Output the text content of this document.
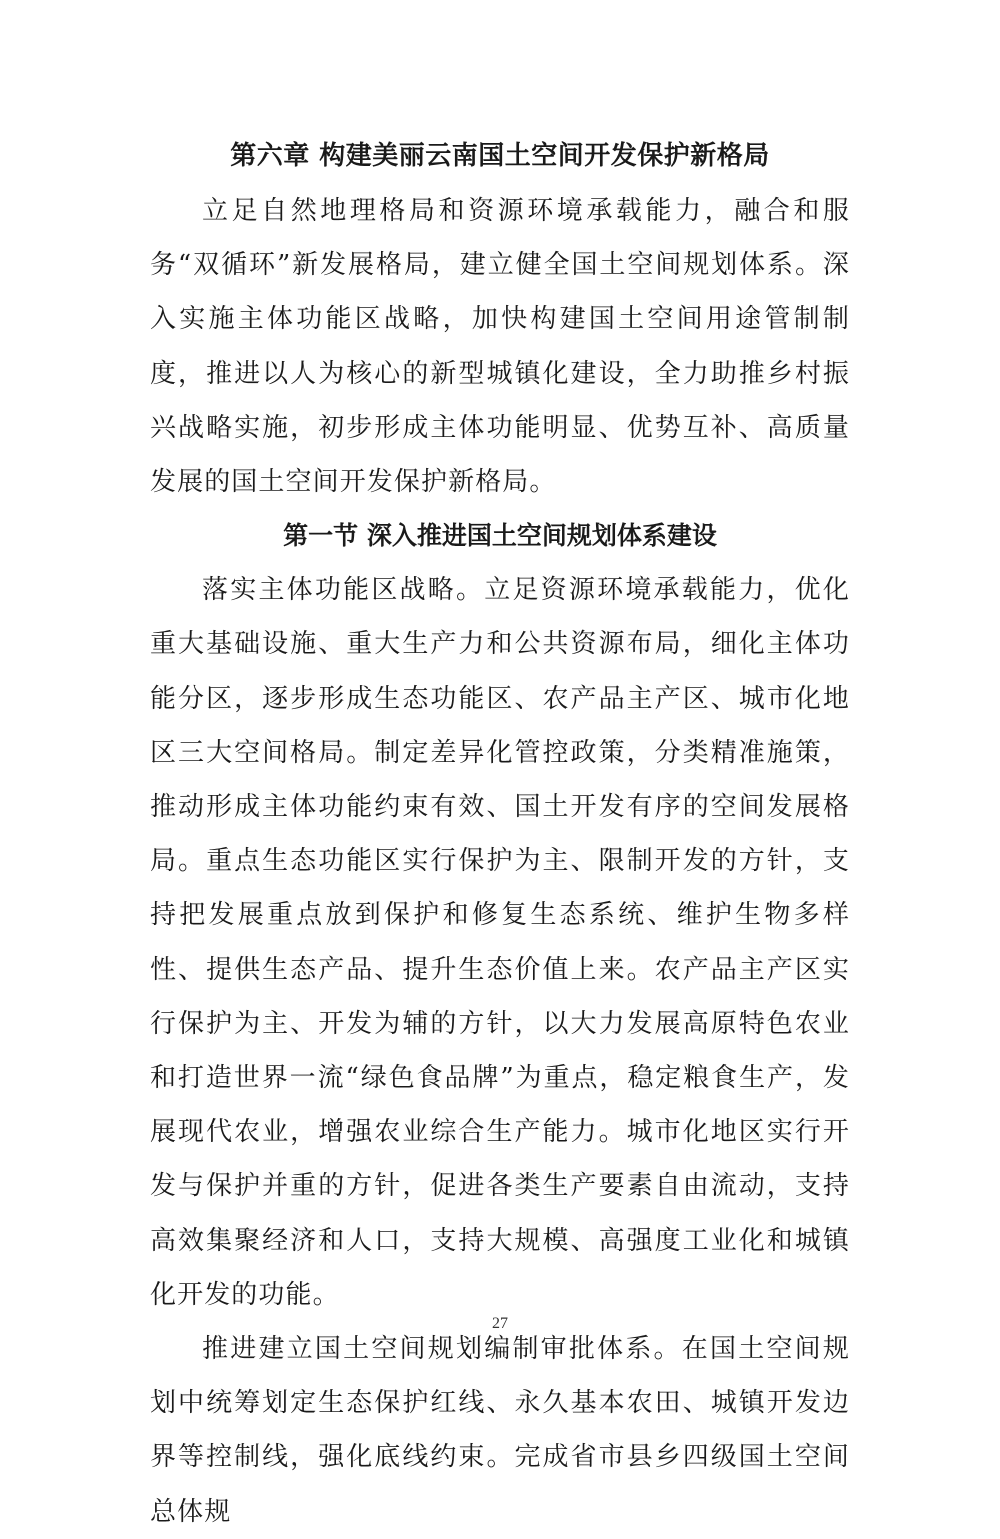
第六章 构建美丽云南国土空间开发保护新格局

立足自然地理格局和资源环境承载能力，融合和服务“双循环”新发展格局，建立健全国土空间规划体系。深入实施主体功能区战略，加快构建国土空间用途管制制度，推进以人为核心的新型城镇化建设，全力助推乡村振兴战略实施，初步形成主体功能明显、优势互补、高质量发展的国土空间开发保护新格局。

第一节 深入推进国土空间规划体系建设

落实主体功能区战略。立足资源环境承载能力，优化重大基础设施、重大生产力和公共资源布局，细化主体功能分区，逐步形成生态功能区、农产品主产区、城市化地区三大空间格局。制定差异化管控政策，分类精准施策，推动形成主体功能约束有效、国土开发有序的空间发展格局。重点生态功能区实行保护为主、限制开发的方针，支持把发展重点放到保护和修复生态系统、维护生物多样性、提供生态产品、提升生态价值上来。农产品主产区实行保护为主、开发为辅的方针，以大力发展高原特色农业和打造世界一流“绿色食品牌”为重点，稳定粮食生产，发展现代农业，增强农业综合生产能力。城市化地区实行开发与保护并重的方针，促进各类生产要素自由流动，支持高效集聚经济和人口，支持大规模、高强度工业化和城镇化开发的功能。

推进建立国土空间规划编制审批体系。在国土空间规划中统筹划定生态保护红线、永久基本农田、城镇开发边界等控制线，强化底线约束。完成省市县乡四级国土空间总体规

27
